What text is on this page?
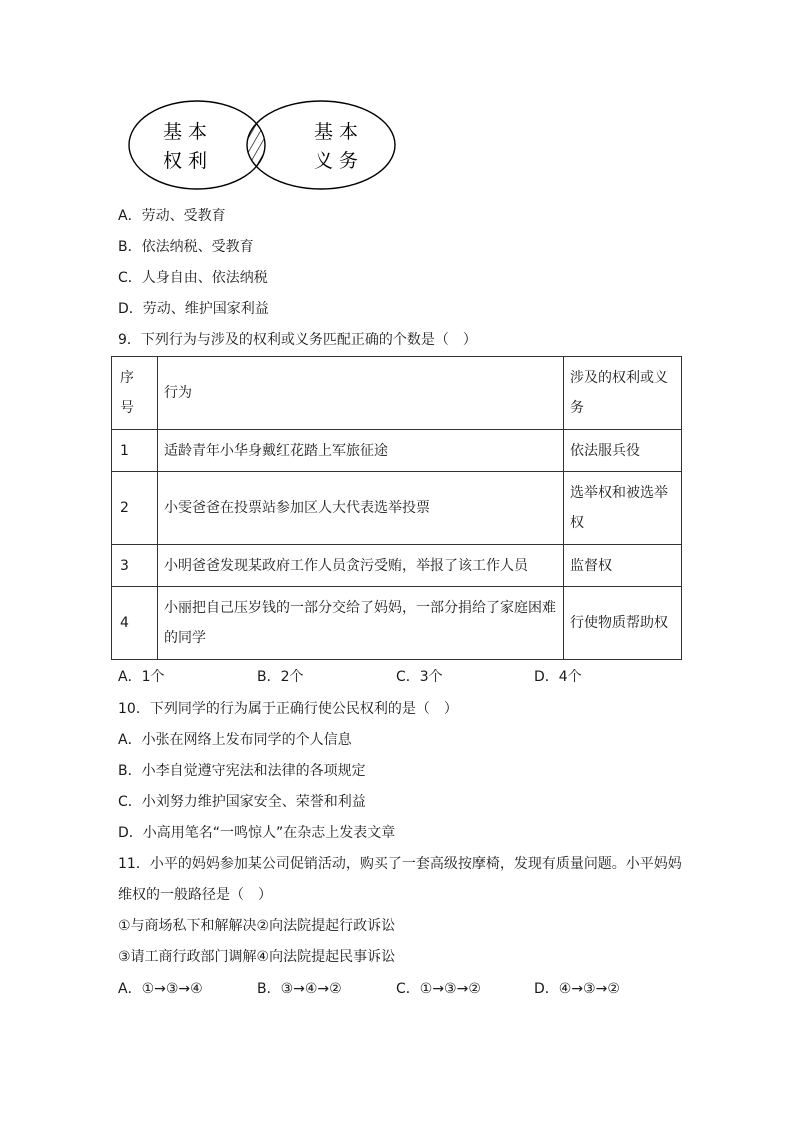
基 本
权 利
基 本
义 务
A．劳动、受教育
B．依法纳税、受教育
C．人身自由、依法纳税
D．劳动、维护国家利益
9．下列行为与涉及的权利或义务匹配正确的个数是（　）
序号	行为	涉及的权利或义务

1	适龄青年小华身戴红花踏上军旅征途	依法服兵役
2	小雯爸爸在投票站参加区人大代表选举投票	选举权和被选举权

3	小明爸爸发现某政府工作人员贪污受贿，举报了该工作人员	监督权
4	小丽把自己压岁钱的一部分交给了妈妈，一部分捐给了家庭困难的同学	行使物质帮助权
A．1个	B．2个	C．3个	D．4个
10．下列同学的行为属于正确行使公民权利的是（　）
A．小张在网络上发布同学的个人信息
B．小李自觉遵守宪法和法律的各项规定
C．小刘努力维护国家安全、荣誉和利益
D．小高用笔名“一鸣惊人”在杂志上发表文章
11．小平的妈妈参加某公司促销活动，购买了一套高级按摩椅，发现有质量问题。小平妈妈
维权的一般路径是（　）
①与商场私下和解解决②向法院提起行政诉讼
③请工商行政部门调解④向法院提起民事诉讼
A．①→③→④	B．③→④→②	C．①→③→②	D．④→③→②
